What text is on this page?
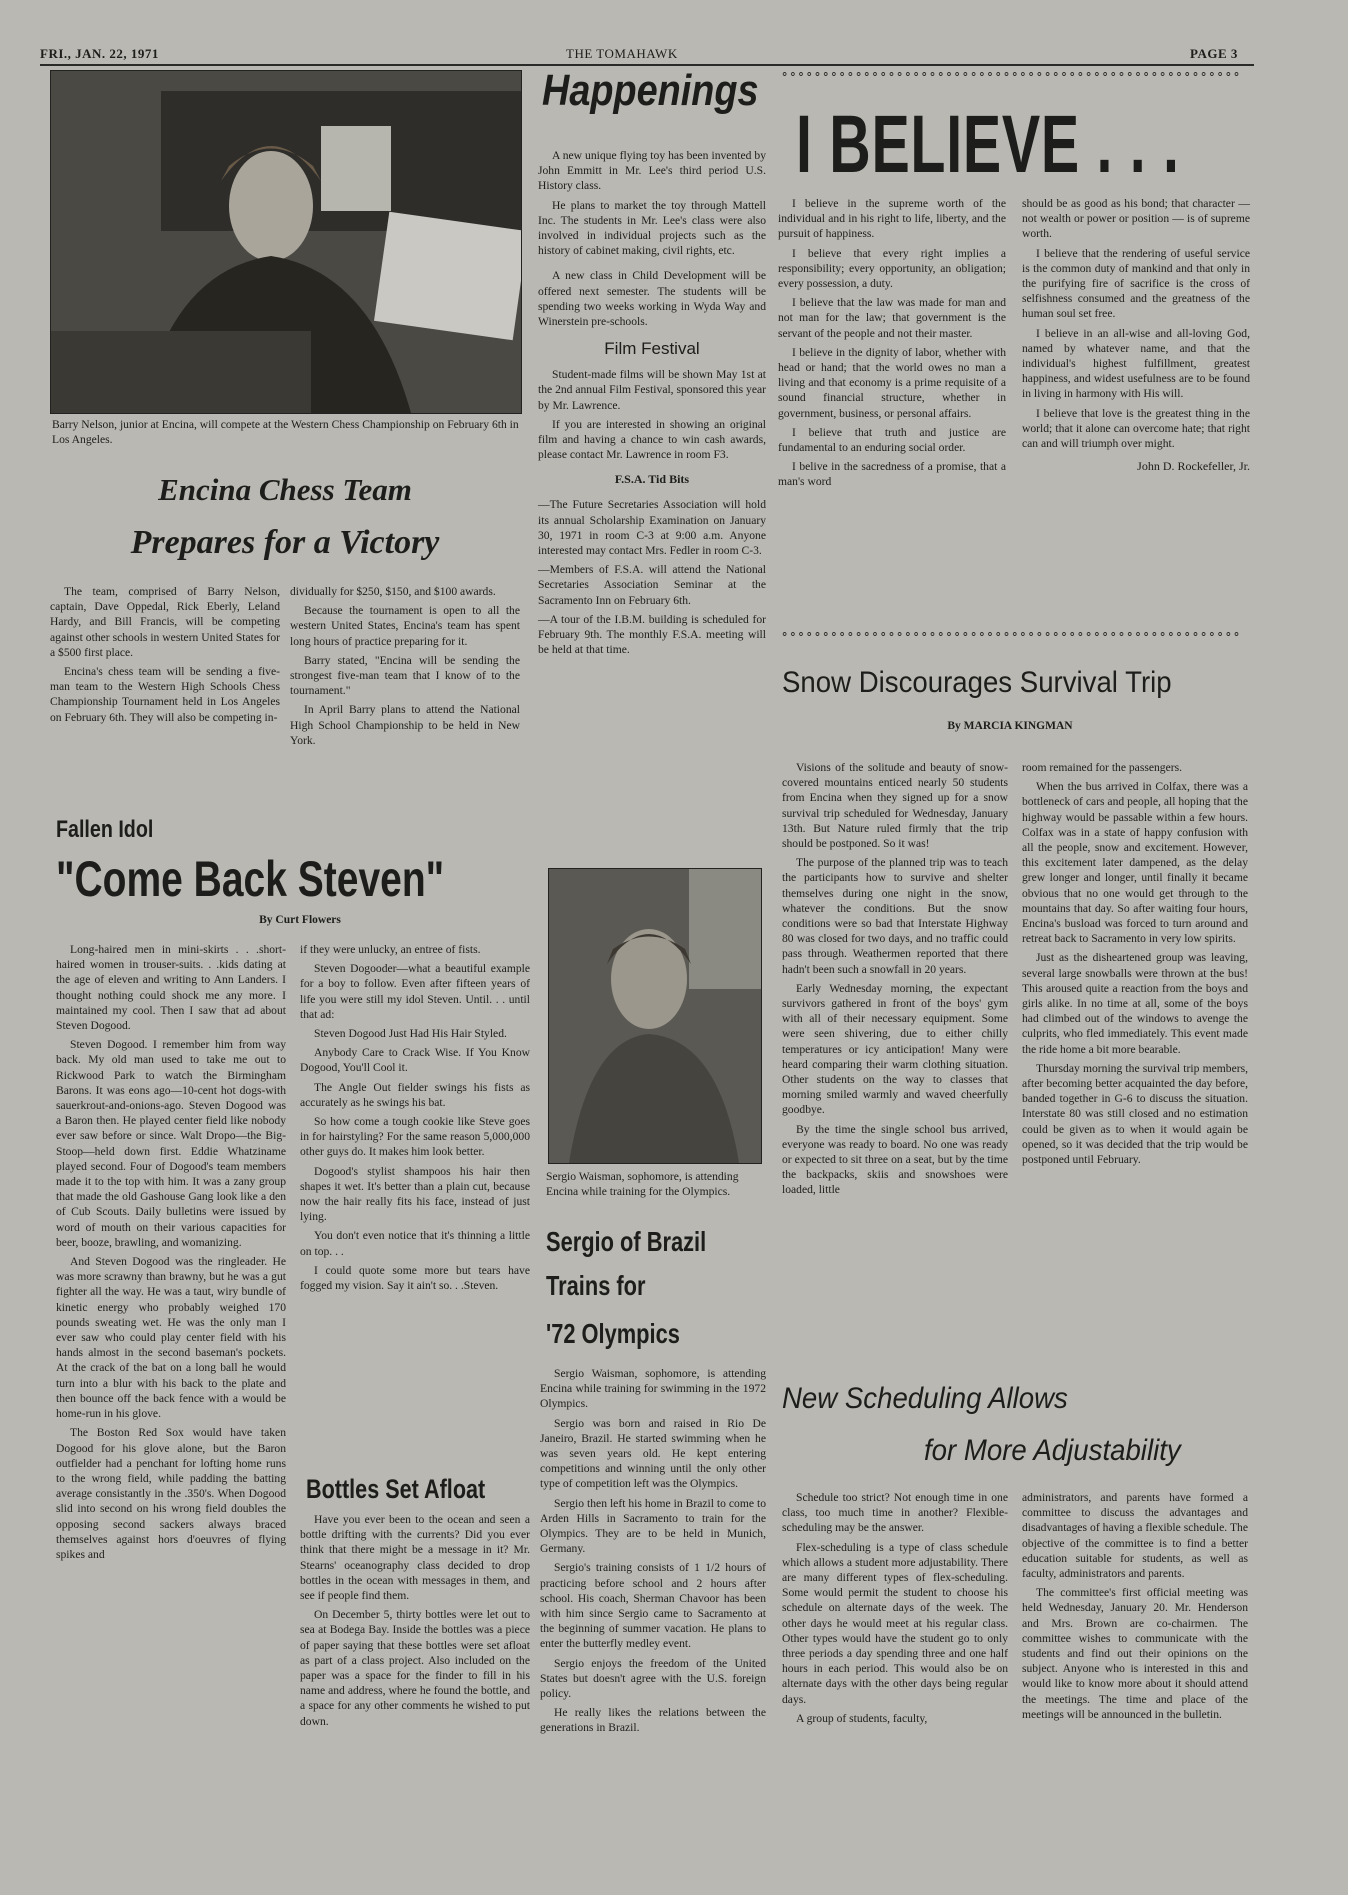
FRI., JAN. 22, 1971	THE TOMAHAWK	PAGE 3
Barry Nelson, junior at Encina, will compete at the Western Chess Championship on February 6th in Los Angeles.
Encina Chess Team
Prepares for a Victory

The team, comprised of Barry Nelson, captain, Dave Oppedal, Rick Eberly, Leland Hardy, and Bill Francis, will be competing against other schools in western United States for a $500 first place.

Encina's chess team will be sending a five-man team to the Western High Schools Chess Championship Tournament held in Los Angeles on February 6th. They will also be competing in-

dividually for $250, $150, and $100 awards.

Because the tournament is open to all the western United States, Encina's team has spent long hours of practice preparing for it.

Barry stated, "Encina will be sending the strongest five-man team that I know of to the tournament."

In April Barry plans to attend the National High School Championship to be held in New York.

Fallen Idol
"Come Back Steven"
By Curt Flowers

Long-haired men in mini-skirts . . .short-haired women in trouser-suits. . .kids dating at the age of eleven and writing to Ann Landers. I thought nothing could shock me any more. I maintained my cool. Then I saw that ad about Steven Dogood.

Steven Dogood. I remember him from way back. My old man used to take me out to Rickwood Park to watch the Birmingham Barons. It was eons ago—10-cent hot dogs-with sauerkrout-and-onions-ago. Steven Dogood was a Baron then. He played center field like nobody ever saw before or since. Walt Dropo—the Big-Stoop—held down first. Eddie Whatziname played second. Four of Dogood's team members made it to the top with him. It was a zany group that made the old Gashouse Gang look like a den of Cub Scouts. Daily bulletins were issued by word of mouth on their various capacities for beer, booze, brawling, and womanizing.

And Steven Dogood was the ringleader. He was more scrawny than brawny, but he was a gut fighter all the way. He was a taut, wiry bundle of kinetic energy who probably weighed 170 pounds sweating wet. He was the only man I ever saw who could play center field with his hands almost in the second baseman's pockets. At the crack of the bat on a long ball he would turn into a blur with his back to the plate and then bounce off the back fence with a would be home-run in his glove.

The Boston Red Sox would have taken Dogood for his glove alone, but the Baron outfielder had a penchant for lofting home runs to the wrong field, while padding the batting average consistantly in the .350's. When Dogood slid into second on his wrong field doubles the opposing second sackers always braced themselves against hors d'oeuvres of flying spikes and

if they were unlucky, an entree of fists.

Steven Dogooder—what a beautiful example for a boy to follow. Even after fifteen years of life you were still my idol Steven. Until. . . until that ad:

Steven Dogood Just Had His Hair Styled.

Anybody Care to Crack Wise. If You Know Dogood, You'll Cool it.

The Angle Out fielder swings his fists as accurately as he swings his bat.

So how come a tough cookie like Steve goes in for hairstyling? For the same reason 5,000,000 other guys do. It makes him look better.

Dogood's stylist shampoos his hair then shapes it wet. It's better than a plain cut, because now the hair really fits his face, instead of just lying.

You don't even notice that it's thinning a little on top. . .

I could quote some more but tears have fogged my vision. Say it ain't so. . .Steven.

Bottles Set Afloat

Have you ever been to the ocean and seen a bottle drifting with the currents? Did you ever think that there might be a message in it? Mr. Stearns' oceanography class decided to drop bottles in the ocean with messages in them, and see if people find them.

On December 5, thirty bottles were let out to sea at Bodega Bay. Inside the bottles was a piece of paper saying that these bottles were set afloat as part of a class project. Also included on the paper was a space for the finder to fill in his name and address, where he found the bottle, and a space for any other comments he wished to put down.

Happenings

A new unique flying toy has been invented by John Emmitt in Mr. Lee's third period U.S. History class.

He plans to market the toy through Mattell Inc. The students in Mr. Lee's class were also involved in individual projects such as the history of cabinet making, civil rights, etc.

A new class in Child Development will be offered next semester. The students will be spending two weeks working in Wyda Way and Winerstein pre-schools.

Film Festival

Student-made films will be shown May 1st at the 2nd annual Film Festival, sponsored this year by Mr. Lawrence.

If you are interested in showing an original film and having a chance to win cash awards, please contact Mr. Lawrence in room F3.

F.S.A. Tid Bits

—The Future Secretaries Association will hold its annual Scholarship Examination on January 30, 1971 in room C-3 at 9:00 a.m. Anyone interested may contact Mrs. Fedler in room C-3.

—Members of F.S.A. will attend the National Secretaries Association Seminar at the Sacramento Inn on February 6th.

—A tour of the I.B.M. building is scheduled for February 9th. The monthly F.S.A. meeting will be held at that time.

Sergio Waisman, sophomore, is attending Encina while training for the Olympics.
Sergio of Brazil
Trains for
'72 Olympics

Sergio Waisman, sophomore, is attending Encina while training for swimming in the 1972 Olympics.

Sergio was born and raised in Rio De Janeiro, Brazil. He started swimming when he was seven years old. He kept entering competitions and winning until the only other type of competition left was the Olympics.

Sergio then left his home in Brazil to come to Arden Hills in Sacramento to train for the Olympics. They are to be held in Munich, Germany.

Sergio's training consists of 1 1/2 hours of practicing before school and 2 hours after school. His coach, Sherman Chavoor has been with him since Sergio came to Sacramento at the beginning of summer vacation. He plans to enter the butterfly medley event.

Sergio enjoys the freedom of the United States but doesn't agree with the U.S. foreign policy.

He really likes the relations between the generations in Brazil.

⚬⚬⚬⚬⚬⚬⚬⚬⚬⚬⚬⚬⚬⚬⚬⚬⚬⚬⚬⚬⚬⚬⚬⚬⚬⚬⚬⚬⚬⚬⚬⚬⚬⚬⚬⚬⚬⚬⚬⚬⚬⚬⚬⚬⚬⚬⚬⚬⚬⚬⚬⚬⚬⚬⚬⚬
I BELIEVE . . .

I believe in the supreme worth of the individual and in his right to life, liberty, and the pursuit of happiness.

I believe that every right implies a responsibility; every opportunity, an obligation; every possession, a duty.

I believe that the law was made for man and not man for the law; that government is the servant of the people and not their master.

I believe in the dignity of labor, whether with head or hand; that the world owes no man a living and that economy is a prime requisite of a sound financial structure, whether in government, business, or personal affairs.

I believe that truth and justice are fundamental to an enduring social order.

I belive in the sacredness of a promise, that a man's word

should be as good as his bond; that character — not wealth or power or position — is of supreme worth.

I believe that the rendering of useful service is the common duty of mankind and that only in the purifying fire of sacrifice is the cross of selfishness consumed and the greatness of the human soul set free.

I believe in an all-wise and all-loving God, named by whatever name, and that the individual's highest fulfillment, greatest happiness, and widest usefulness are to be found in living in harmony with His will.

I believe that love is the greatest thing in the world; that it alone can overcome hate; that right can and will triumph over might.

John D. Rockefeller, Jr.
⚬⚬⚬⚬⚬⚬⚬⚬⚬⚬⚬⚬⚬⚬⚬⚬⚬⚬⚬⚬⚬⚬⚬⚬⚬⚬⚬⚬⚬⚬⚬⚬⚬⚬⚬⚬⚬⚬⚬⚬⚬⚬⚬⚬⚬⚬⚬⚬⚬⚬⚬⚬⚬⚬⚬⚬
Snow Discourages Survival Trip
By MARCIA KINGMAN

Visions of the solitude and beauty of snow-covered mountains enticed nearly 50 students from Encina when they signed up for a snow survival trip scheduled for Wednesday, January 13th. But Nature ruled firmly that the trip should be postponed. So it was!

The purpose of the planned trip was to teach the participants how to survive and shelter themselves during one night in the snow, whatever the conditions. But the snow conditions were so bad that Interstate Highway 80 was closed for two days, and no traffic could pass through. Weathermen reported that there hadn't been such a snowfall in 20 years.

Early Wednesday morning, the expectant survivors gathered in front of the boys' gym with all of their necessary equipment. Some were seen shivering, due to either chilly temperatures or icy anticipation! Many were heard comparing their warm clothing situation. Other students on the way to classes that morning smiled warmly and waved cheerfully goodbye.

By the time the single school bus arrived, everyone was ready to board. No one was ready or expected to sit three on a seat, but by the time the backpacks, skiis and snowshoes were loaded, little

room remained for the passengers.

When the bus arrived in Colfax, there was a bottleneck of cars and people, all hoping that the highway would be passable within a few hours. Colfax was in a state of happy confusion with all the people, snow and excitement. However, this excitement later dampened, as the delay grew longer and longer, until finally it became obvious that no one would get through to the mountains that day. So after waiting four hours, Encina's busload was forced to turn around and retreat back to Sacramento in very low spirits.

Just as the disheartened group was leaving, several large snowballs were thrown at the bus! This aroused quite a reaction from the boys and girls alike. In no time at all, some of the boys had climbed out of the windows to avenge the culprits, who fled immediately. This event made the ride home a bit more bearable.

Thursday morning the survival trip members, after becoming better acquainted the day before, banded together in G-6 to discuss the situation. Interstate 80 was still closed and no estimation could be given as to when it would again be opened, so it was decided that the trip would be postponed until February.

New Scheduling Allows
for More Adjustability

Schedule too strict? Not enough time in one class, too much time in another? Flexible-scheduling may be the answer.

Flex-scheduling is a type of class schedule which allows a student more adjustability. There are many different types of flex-scheduling. Some would permit the student to choose his schedule on alternate days of the week. The other days he would meet at his regular class. Other types would have the student go to only three periods a day spending three and one half hours in each period. This would also be on alternate days with the other days being regular days.

A group of students, faculty,

administrators, and parents have formed a committee to discuss the advantages and disadvantages of having a flexible schedule. The objective of the committee is to find a better education suitable for students, as well as faculty, administrators and parents.

The committee's first official meeting was held Wednesday, January 20. Mr. Henderson and Mrs. Brown are co-chairmen. The committee wishes to communicate with the students and find out their opinions on the subject. Anyone who is interested in this and would like to know more about it should attend the meetings. The time and place of the meetings will be announced in the bulletin.
